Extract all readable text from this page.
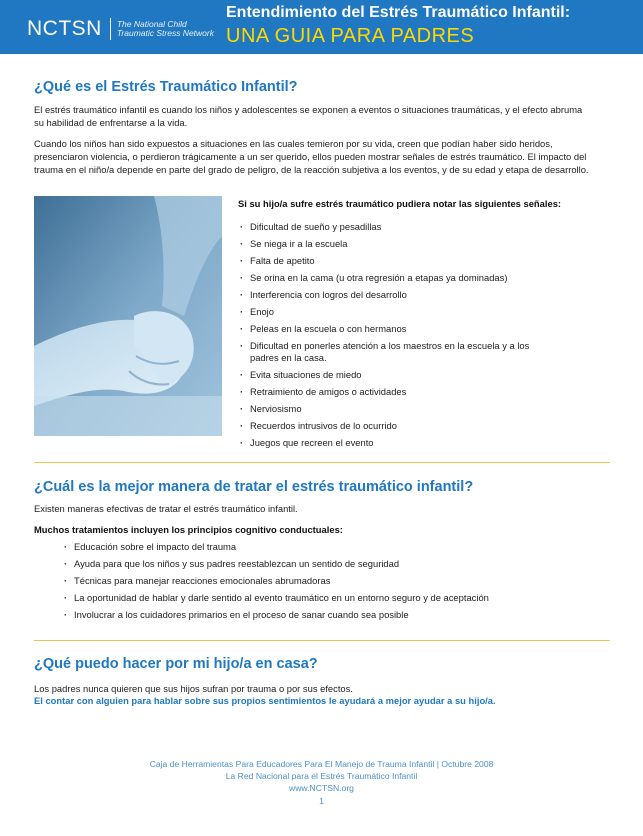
NCTSN The National Child
Traumatic Stress Network
Entendimiento del Estrés Traumático Infantil:
UNA GUIA PARA PADRES
¿Qué es el Estrés Traumático Infantil?

El estrés traumático infantil es cuando los niños y adolescentes se exponen a eventos o situaciones traumáticas, y el efecto abruma su habilidad de enfrentarse a la vida.

Cuando los niños han sido expuestos a situaciones en las cuales temieron por su vida, creen que podían haber sido heridos, presenciaron violencia, o perdieron trágicamente a un ser querido, ellos pueden mostrar señales de estrés traumático. El impacto del trauma en el niño/a depende en parte del grado de peligro, de la reacción subjetiva a los eventos, y de su edad y etapa de desarrollo.

Si su hijo/a sufre estrés traumático pudiera notar las siguientes señales:

· Dificultad de sueño y pesadillas
· Se niega ir a la escuela
· Falta de apetito
· Se orina en la cama (u otra regresión a etapas ya dominadas)
· Interferencia con logros del desarrollo
· Enojo
· Peleas en la escuela o con hermanos
· Dificultad en ponerles atención a los maestros en la escuela y a los padres en la casa.
· Evita situaciones de miedo
· Retraimiento de amigos o actividades
· Nerviosismo
· Recuerdos intrusivos de lo ocurrido
· Juegos que recreen el evento
¿Cuál es la mejor manera de tratar el estrés traumático infantil?

Existen maneras efectivas de tratar el estrés traumático infantil.

Muchos tratamientos incluyen los principios cognitivo conductuales:

· Educación sobre el impacto del trauma
· Ayuda para que los niños y sus padres reestablezcan un sentido de seguridad
· Técnicas para manejar reacciones emocionales abrumadoras
· La oportunidad de hablar y darle sentido al evento traumático en un entorno seguro y de aceptación
· Involucrar a los cuidadores primarios en el proceso de sanar cuando sea posible
¿Qué puedo hacer por mi hijo/a en casa?

Los padres nunca quieren que sus hijos sufran por trauma o por sus efectos.

El contar con alguien para hablar sobre sus propios sentimientos le ayudará a mejor ayudar a su hijo/a.

Caja de Herramientas Para Educadores Para El Manejo de Trauma Infantil | Octubre 2008

La Red Nacional para el Estrés Traumático Infantil

www.NCTSN.org

1
